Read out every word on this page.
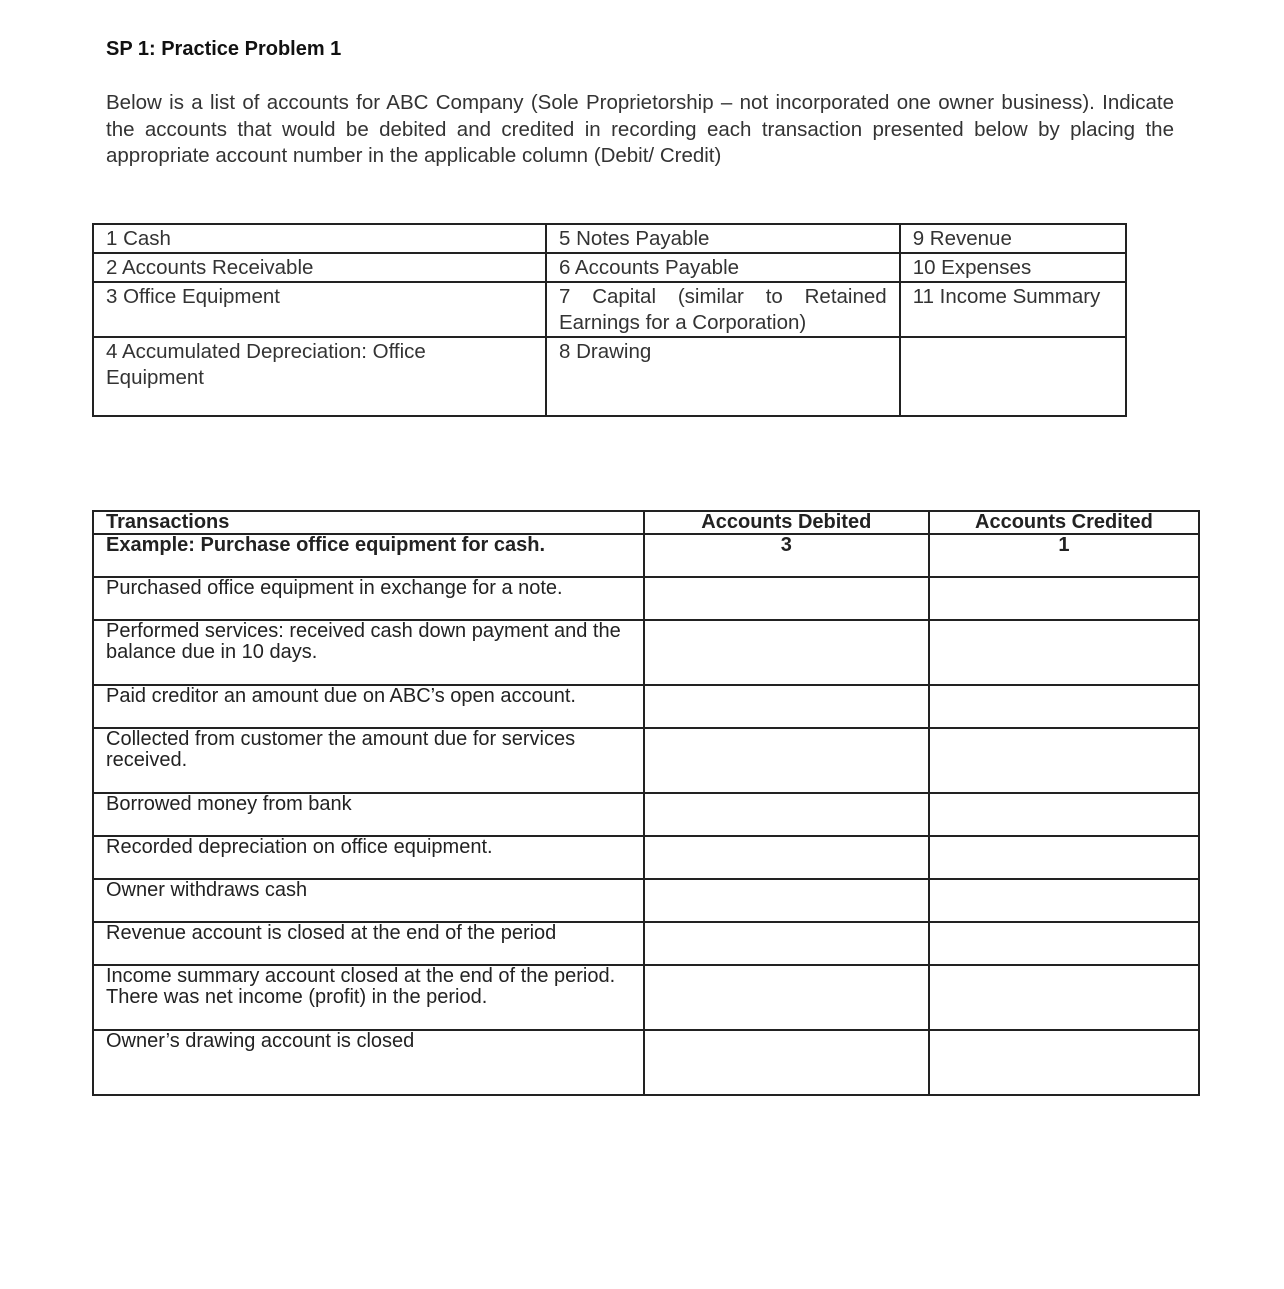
SP 1: Practice Problem 1
Below is a list of accounts for ABC Company (Sole Proprietorship – not incorporated one owner business). Indicate the accounts that would be debited and credited in recording each transaction presented below by placing the appropriate account number in the applicable column (Debit/ Credit)
1 Cash	5 Notes Payable	9 Revenue
2 Accounts Receivable	6 Accounts Payable	10 Expenses
3 Office Equipment	7 Capital (similar to Retained Earnings for a Corporation)	11 Income Summary
4 Accumulated Depreciation: Office Equipment	8 Drawing	
Transactions	Accounts Debited	Accounts Credited
Example: Purchase office equipment for cash.	3	1
Purchased office equipment in exchange for a note.		
Performed services: received cash down payment and the balance due in 10 days.		
Paid creditor an amount due on ABC’s open account.		
Collected from customer the amount due for services received.		
Borrowed money from bank		
Recorded depreciation on office equipment.		
Owner withdraws cash		
Revenue account is closed at the end of the period		
Income summary account closed at the end of the period. There was net income (profit) in the period.		
Owner’s drawing account is closed		
